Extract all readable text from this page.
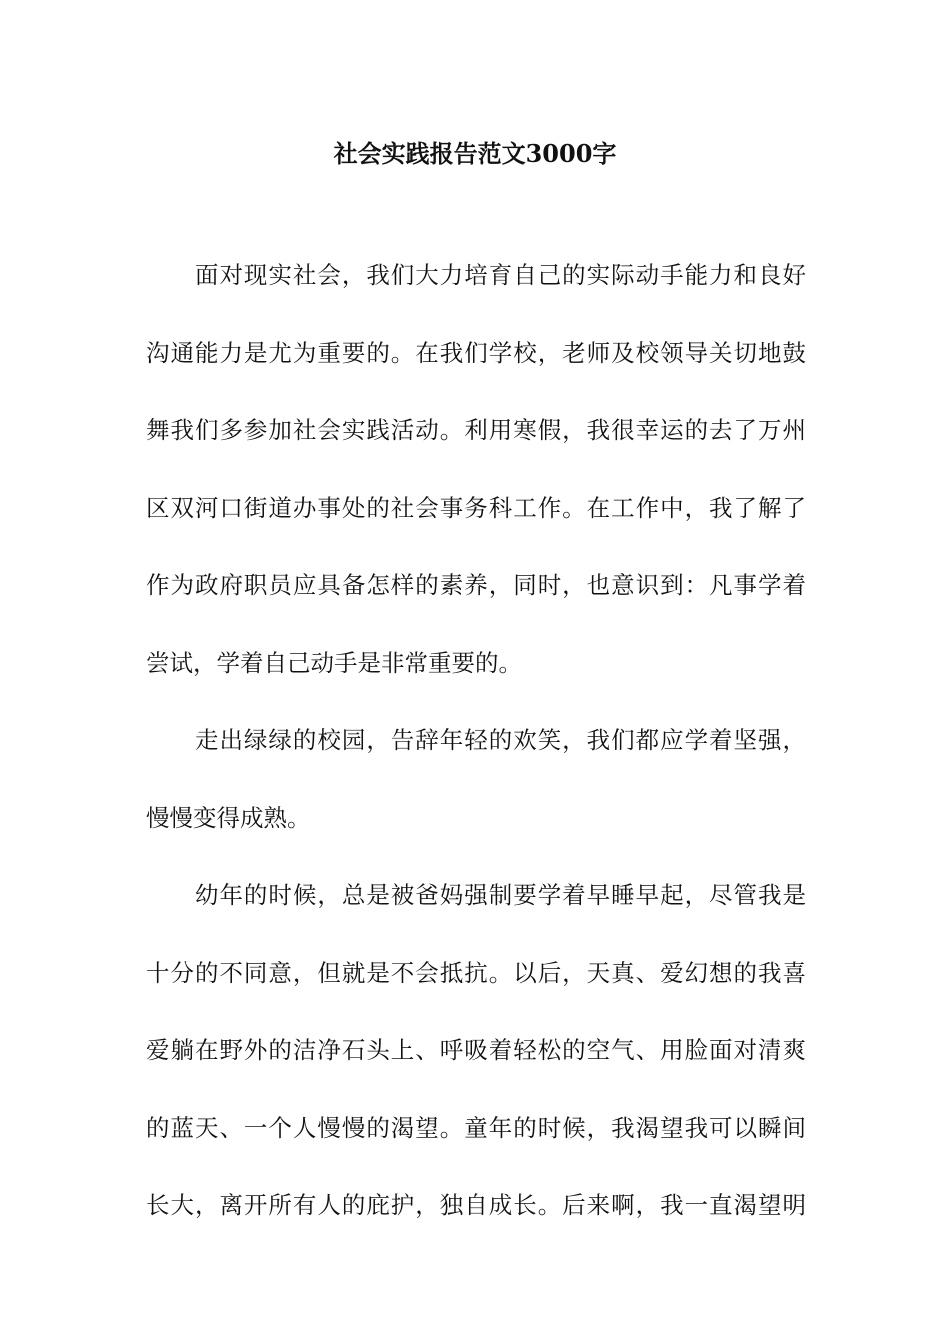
社会实践报告范文3000字
　　面对现实社会，我们大力培育自己的实际动手能力和良好
沟通能力是尤为重要的。在我们学校，老师及校领导关切地鼓
舞我们多参加社会实践活动。利用寒假，我很幸运的去了万州
区双河口街道办事处的社会事务科工作。在工作中，我了解了
作为政府职员应具备怎样的素养，同时，也意识到：凡事学着
尝试，学着自己动手是非常重要的。
　　走出绿绿的校园，告辞年轻的欢笑，我们都应学着坚强，
慢慢变得成熟。
　　幼年的时候，总是被爸妈强制要学着早睡早起，尽管我是
十分的不同意，但就是不会抵抗。以后，天真、爱幻想的我喜
爱躺在野外的洁净石头上、呼吸着轻松的空气、用脸面对清爽
的蓝天、一个人慢慢的渴望。童年的时候，我渴望我可以瞬间
长大，离开所有人的庇护，独自成长。后来啊，我一直渴望明
